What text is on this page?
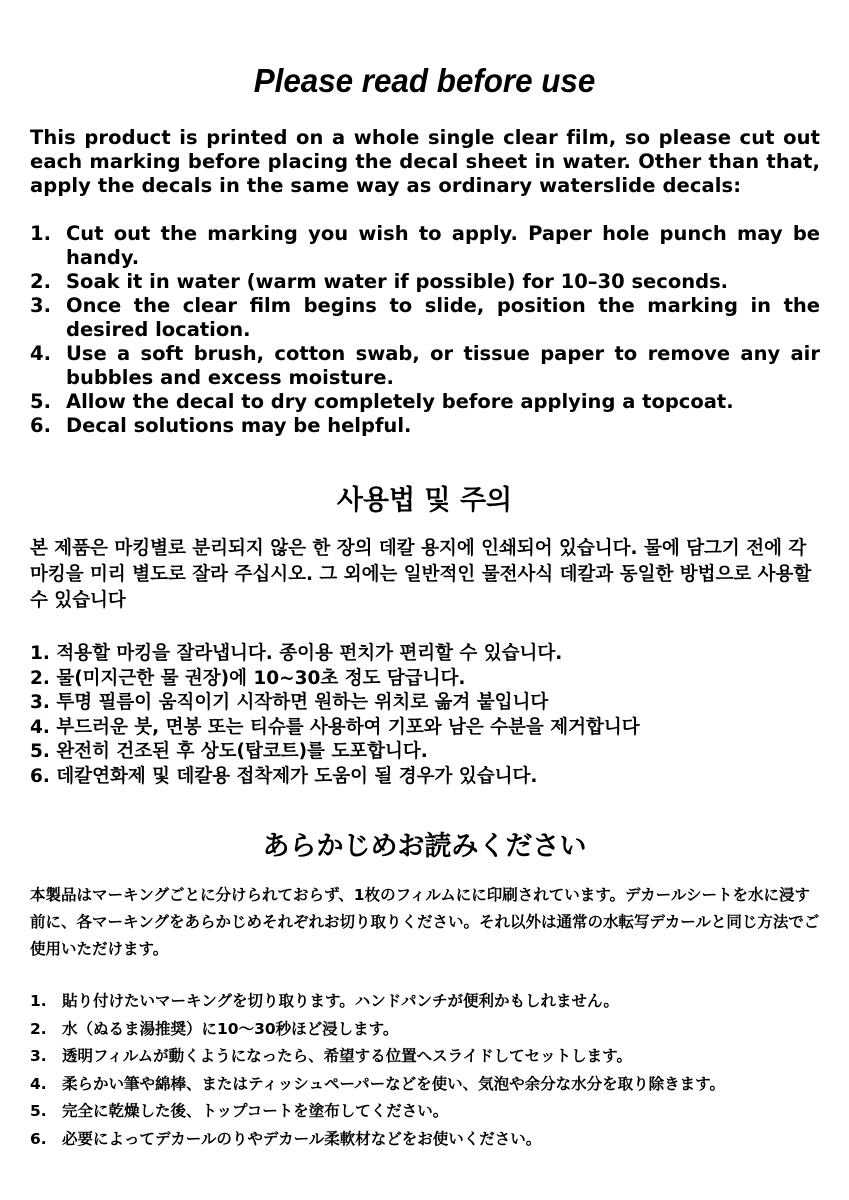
Please read before use
This product is printed on a whole single clear film, so please cut out each marking before placing the decal sheet in water. Other than that, apply the decals in the same way as ordinary waterslide decals:
1. Cut out the marking you wish to apply. Paper hole punch may be handy.
2. Soak it in water (warm water if possible) for 10–30 seconds.
3. Once the clear film begins to slide, position the marking in the desired location.
4. Use a soft brush, cotton swab, or tissue paper to remove any air bubbles and excess moisture.
5. Allow the decal to dry completely before applying a topcoat.
6. Decal solutions may be helpful.
사용법 및 주의
본 제품은 마킹별로 분리되지 않은 한 장의 데칼 용지에 인쇄되어 있습니다. 물에 담그기 전에 각 마킹을 미리 별도로 잘라 주십시오. 그 외에는 일반적인 물전사식 데칼과 동일한 방법으로 사용할 수 있습니다
1. 적용할 마킹을 잘라냅니다. 종이용 펀치가 편리할 수 있습니다.
2. 물(미지근한 물 권장)에 10~30초 정도 담급니다.
3. 투명 필름이 움직이기 시작하면 원하는 위치로 옮겨 붙입니다
4. 부드러운 붓, 면봉 또는 티슈를 사용하여 기포와 남은 수분을 제거합니다
5. 완전히 건조된 후 상도(탑코트)를 도포합니다.
6. 데칼연화제 및 데칼용 접착제가 도움이 될 경우가 있습니다.
あらかじめお読みください
本製品はマーキングごとに分けられておらず、1枚のフィルムにに印刷されています。デカールシートを水に浸す前に、各マーキングをあらかじめそれぞれお切り取りください。それ以外は通常の水転写デカールと同じ方法でご使用いただけます。
1. 貼り付けたいマーキングを切り取ります。ハンドパンチが便利かもしれません。
2. 水（ぬるま湯推奨）に10～30秒ほど浸します。
3. 透明フィルムが動くようになったら、希望する位置へスライドしてセットします。
4. 柔らかい筆や綿棒、またはティッシュペーパーなどを使い、気泡や余分な水分を取り除きます。
5. 完全に乾燥した後、トップコートを塗布してください。
6. 必要によってデカールのりやデカール柔軟材などをお使いください。
